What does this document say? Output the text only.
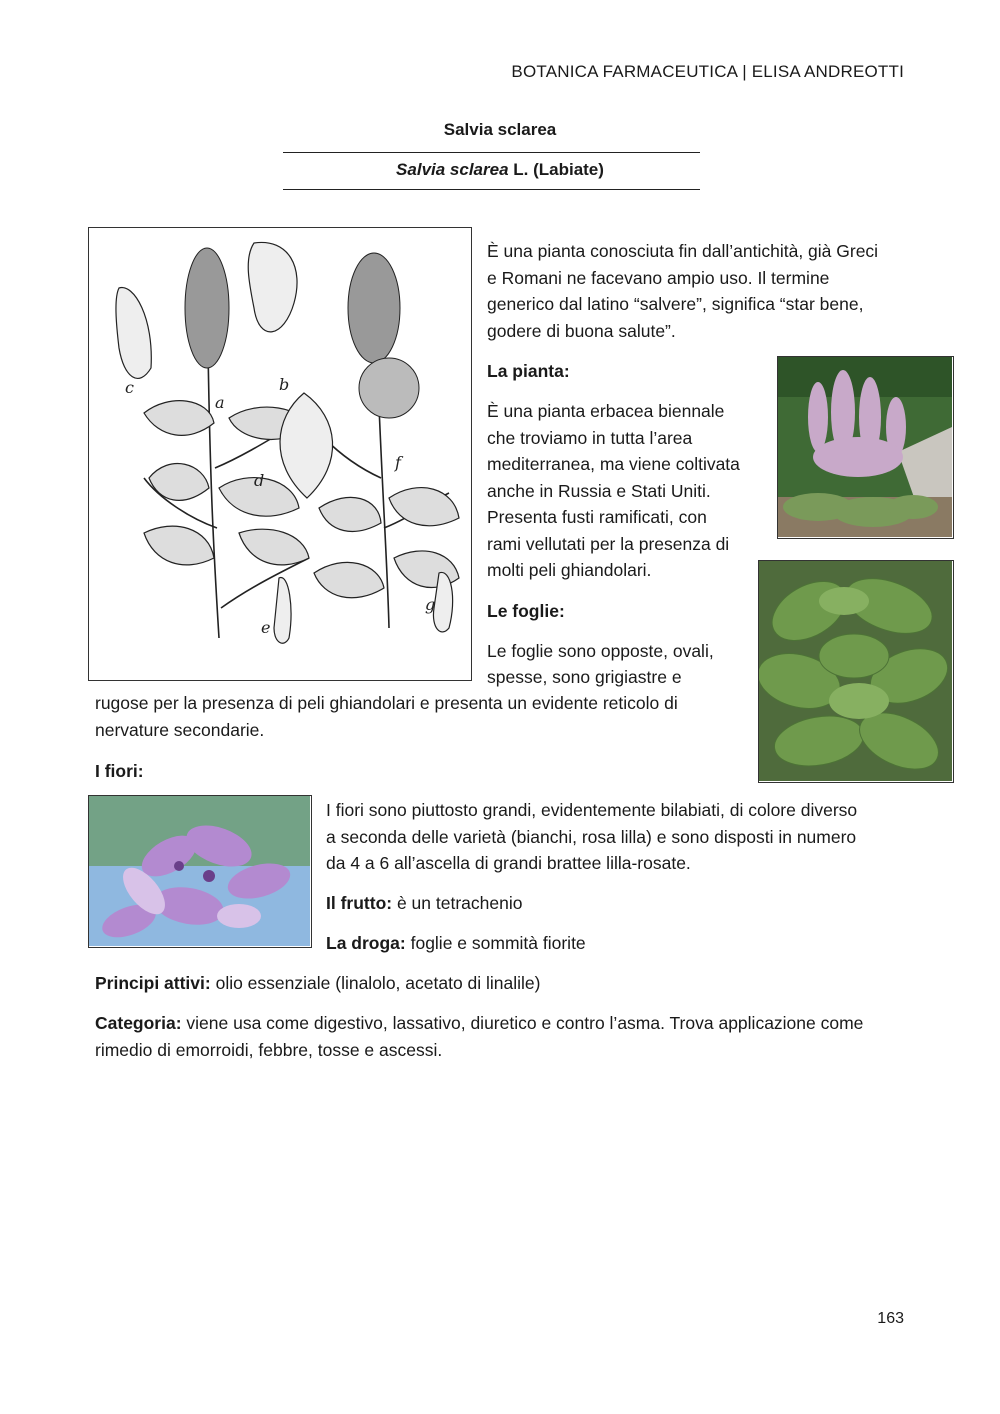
BOTANICA FARMACEUTICA | ELISA ANDREOTTI
Salvia sclarea
Salvia sclarea L. (Labiate)
c
a
b
d
e
f
g
È una pianta conosciuta fin dall’antichità, già Greci
e Romani ne facevano ampio uso. Il termine
generico dal latino “salvere”, significa “star bene,
godere di buona salute”.
La pianta:
È una pianta erbacea biennale
che troviamo in tutta l’area
mediterranea, ma viene coltivata
anche in Russia e Stati Uniti.
Presenta fusti ramificati, con
rami vellutati per la presenza di
molti peli ghiandolari.
Le foglie:
Le foglie sono opposte, ovali,
spesse, sono grigiastre e
rugose per la presenza di peli ghiandolari e presenta un evidente reticolo di
nervature secondarie.
I fiori:
I fiori sono piuttosto grandi, evidentemente bilabiati, di colore diverso
a seconda delle varietà (bianchi, rosa lilla) e sono disposti in numero
da 4 a 6 all’ascella di grandi brattee lilla-rosate.
Il frutto: è un tetrachenio
La droga: foglie e sommità fiorite
Principi attivi: olio essenziale (linalolo, acetato di linalile)
Categoria: viene usa come digestivo, lassativo, diuretico e contro l’asma. Trova applicazione come
rimedio di emorroidi, febbre, tosse e ascessi.
163
